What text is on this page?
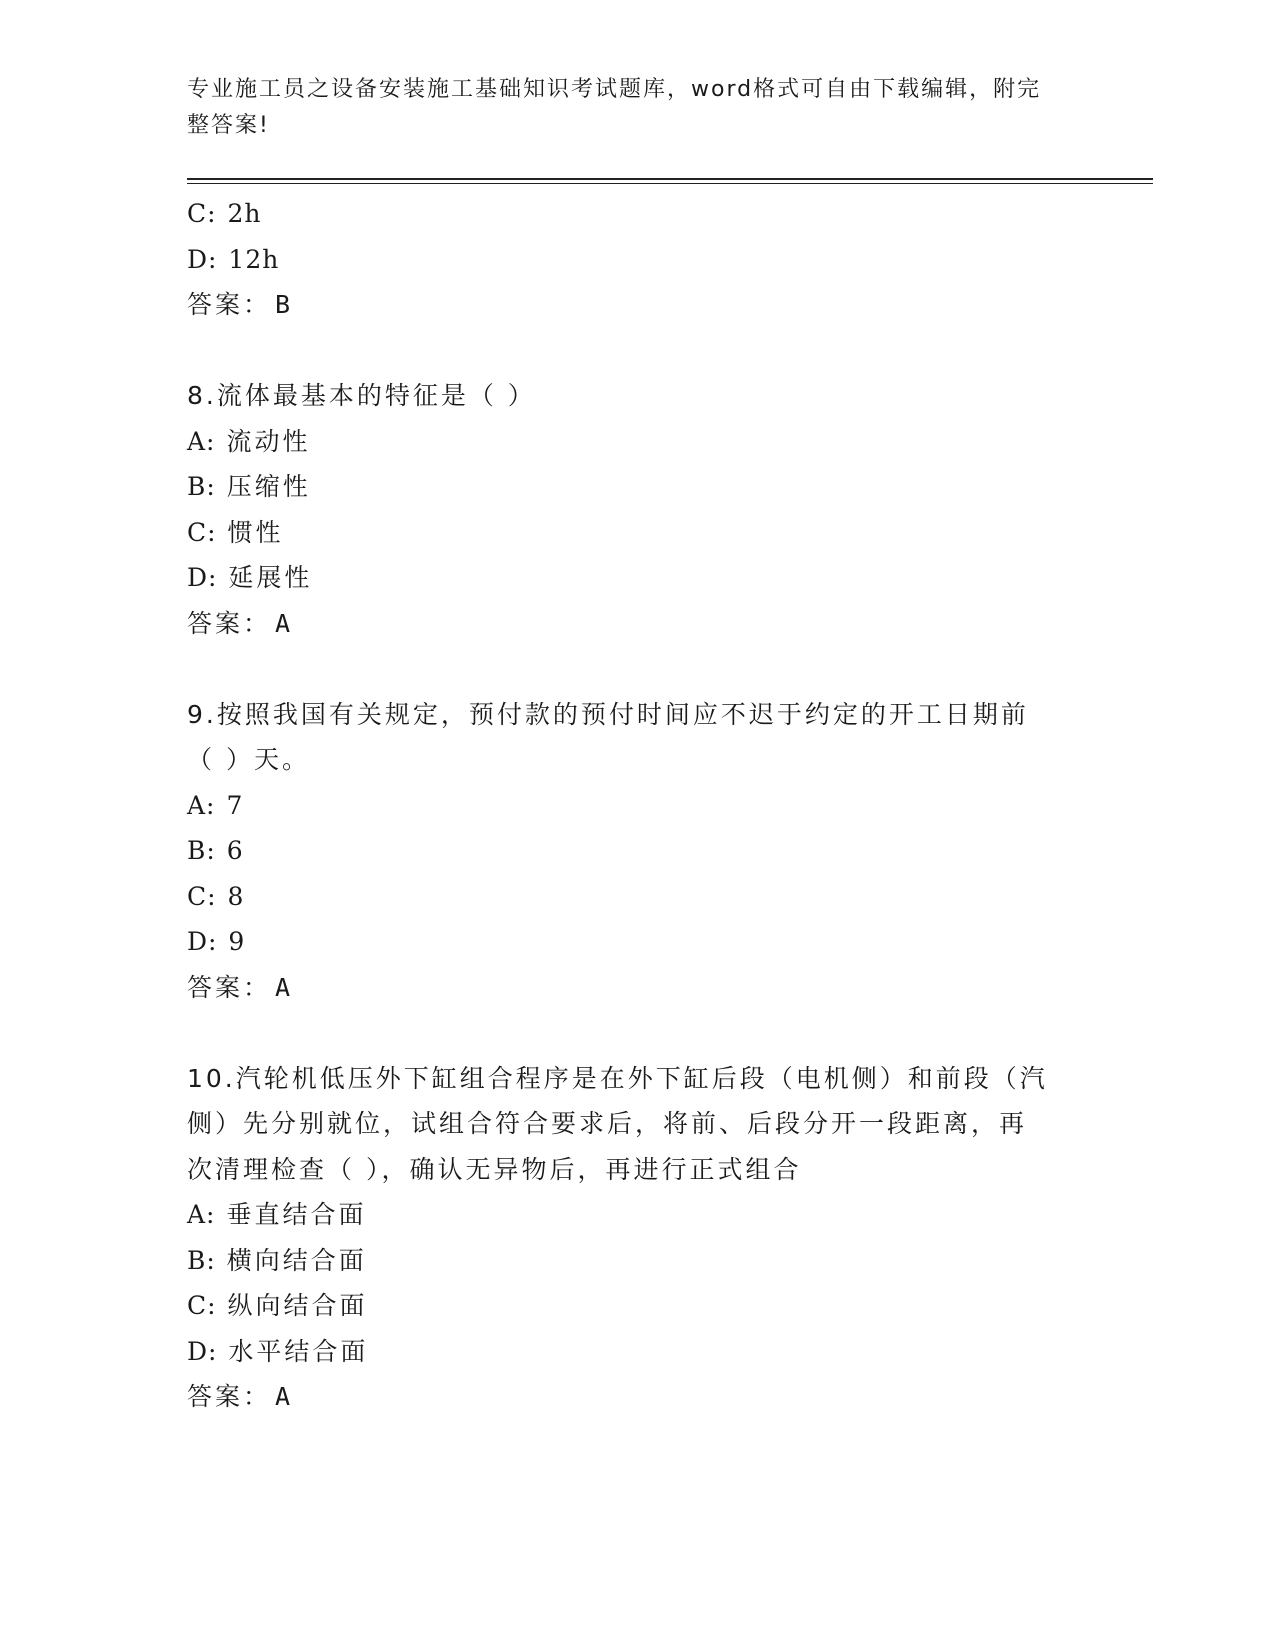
专业施工员之设备安装施工基础知识考试题库，word格式可自由下载编辑，附完
整答案!
C: 2h
D: 12h
答案： B
8.流体最基本的特征是（ ）
A: 流动性
B: 压缩性
C: 惯性
D: 延展性
答案： A
9.按照我国有关规定，预付款的预付时间应不迟于约定的开工日期前
（ ）天。
A: 7
B: 6
C: 8
D: 9
答案： A
10.汽轮机低压外下缸组合程序是在外下缸后段（电机侧）和前段（汽
侧）先分别就位，试组合符合要求后，将前、后段分开一段距离，再
次清理检查（ ），确认无异物后，再进行正式组合
A: 垂直结合面
B: 横向结合面
C: 纵向结合面
D: 水平结合面
答案： A
